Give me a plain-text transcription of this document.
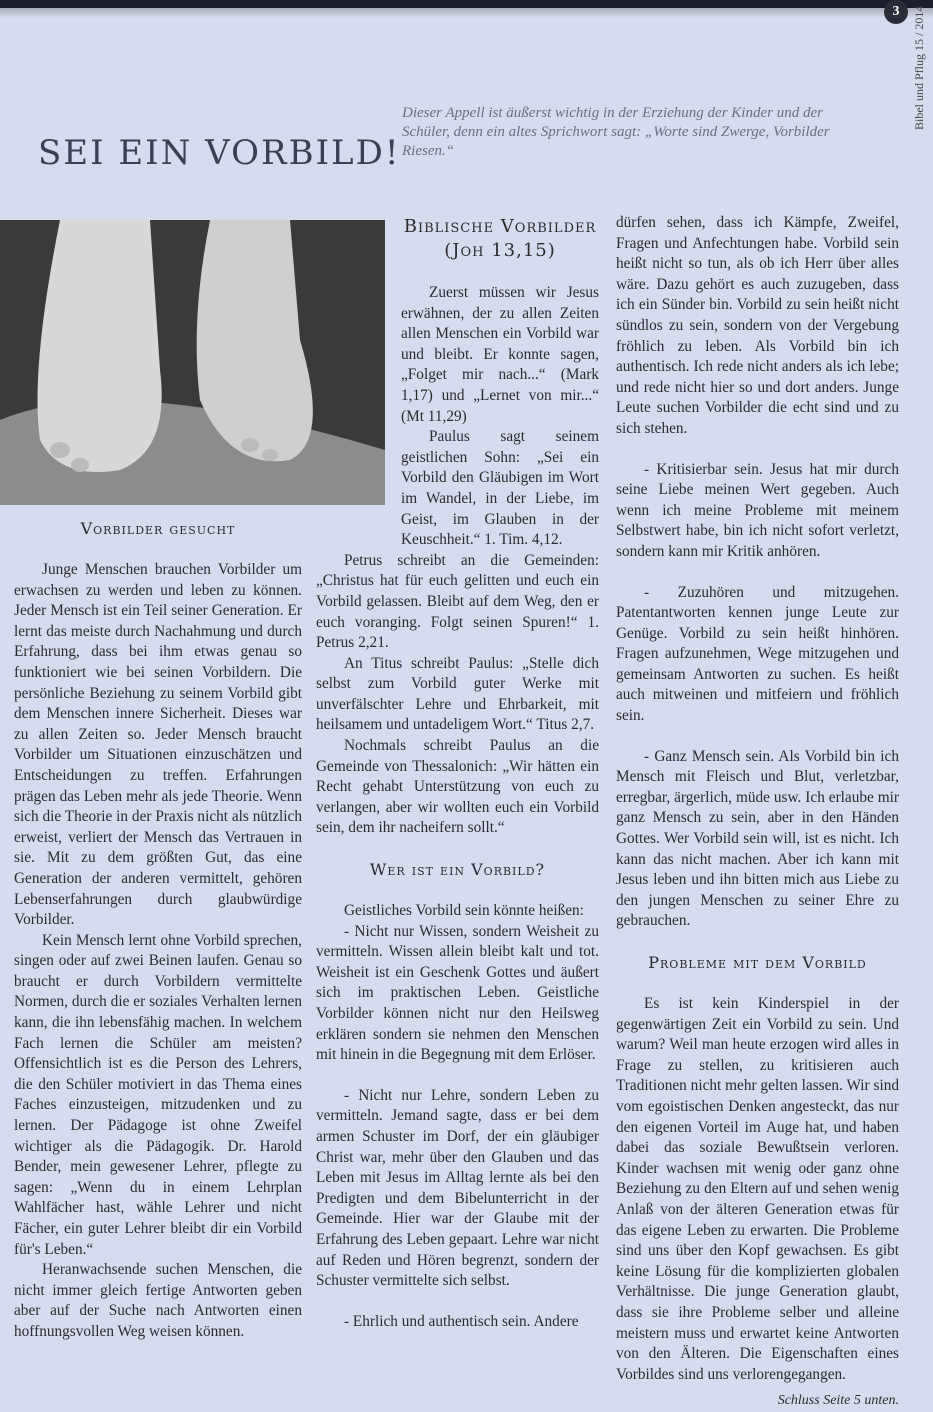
3	Bibel und Pflug 15 / 2014
SEI EIN VORBILD!
Dieser Appell ist äußerst wichtig in der Erziehung der Kinder und der Schüler, denn ein altes Sprichwort sagt: „Worte sind Zwerge, Vorbilder Riesen.“
Vorbilder gesucht

Junge Menschen brauchen Vorbilder um erwachsen zu werden und leben zu können. Jeder Mensch ist ein Teil seiner Generation. Er lernt das meiste durch Nachahmung und durch Erfahrung, dass bei ihm etwas genau so funktioniert wie bei seinen Vorbildern. Die persönliche Beziehung zu seinem Vorbild gibt dem Menschen innere Sicherheit. Dieses war zu allen Zeiten so. Jeder Mensch braucht Vorbilder um Situationen einzuschätzen und Entscheidungen zu treffen. Erfahrungen prägen das Leben mehr als jede Theorie. Wenn sich die Theorie in der Praxis nicht als nützlich erweist, verliert der Mensch das Vertrauen in sie. Mit zu dem größten Gut, das eine Generation der anderen vermittelt, gehören Lebenserfahrungen durch glaubwürdige Vorbilder.

Kein Mensch lernt ohne Vorbild sprechen, singen oder auf zwei Beinen laufen. Genau so braucht er durch Vorbildern vermittelte Normen, durch die er soziales Verhalten lernen kann, die ihn lebensfähig machen. In welchem Fach lernen die Schüler am meisten? Offensichtlich ist es die Person des Lehrers, die den Schüler motiviert in das Thema eines Faches einzusteigen, mitzudenken und zu lernen. Der Pädagoge ist ohne Zweifel wichtiger als die Pädagogik. Dr. Harold Bender, mein gewesener Lehrer, pflegte zu sagen: „Wenn du in einem Lehrplan Wahlfächer hast, wähle Lehrer und nicht Fächer, ein guter Lehrer bleibt dir ein Vorbild für's Leben.“

Heranwachsende suchen Menschen, die nicht immer gleich fertige Antworten geben aber auf der Suche nach Antworten einen hoffnungsvollen Weg weisen können.

Biblische Vorbilder (Joh 13,15)

Zuerst müssen wir Jesus erwähnen, der zu allen Zeiten allen Menschen ein Vorbild war und bleibt. Er konnte sagen, „Folget mir nach...“ (Mark 1,17) und „Lernet von mir...“ (Mt 11,29)

Paulus sagt seinem geistlichen Sohn: „Sei ein Vorbild den Gläubigen im Wort im Wandel, in der Liebe, im Geist, im Glauben in der Keuschheit.“ 1. Tim. 4,12.

Petrus schreibt an die Gemeinden: „Christus hat für euch gelitten und euch ein Vorbild gelassen. Bleibt auf dem Weg, den er euch voranging. Folgt seinen Spuren!“ 1. Petrus 2,21.

An Titus schreibt Paulus: „Stelle dich selbst zum Vorbild guter Werke mit unverfälschter Lehre und Ehrbarkeit, mit heilsamem und untadeligem Wort.“ Titus 2,7.

Nochmals schreibt Paulus an die Gemeinde von Thessalonich: „Wir hätten ein Recht gehabt Unterstützung von euch zu verlangen, aber wir wollten euch ein Vorbild sein, dem ihr nacheifern sollt.“

Wer ist ein Vorbild?

Geistliches Vorbild sein könnte heißen:

- Nicht nur Wissen, sondern Weisheit zu vermitteln. Wissen allein bleibt kalt und tot. Weisheit ist ein Geschenk Gottes und äußert sich im praktischen Leben. Geistliche Vorbilder können nicht nur den Heilsweg erklären sondern sie nehmen den Menschen mit hinein in die Begegnung mit dem Erlöser.

- Nicht nur Lehre, sondern Leben zu vermitteln. Jemand sagte, dass er bei dem armen Schuster im Dorf, der ein gläubiger Christ war, mehr über den Glauben und das Leben mit Jesus im Alltag lernte als bei den Predigten und dem Bibelunterricht in der Gemeinde. Hier war der Glaube mit der Erfahrung des Leben gepaart. Lehre war nicht auf Reden und Hören begrenzt, sondern der Schuster vermittelte sich selbst.

- Ehrlich und authentisch sein. Andere

dürfen sehen, dass ich Kämpfe, Zweifel, Fragen und Anfechtungen habe. Vorbild sein heißt nicht so tun, als ob ich Herr über alles wäre. Dazu gehört es auch zuzugeben, dass ich ein Sünder bin. Vorbild zu sein heißt nicht sündlos zu sein, sondern von der Vergebung fröhlich zu leben. Als Vorbild bin ich authentisch. Ich rede nicht anders als ich lebe; und rede nicht hier so und dort anders. Junge Leute suchen Vorbilder die echt sind und zu sich stehen.

- Kritisierbar sein. Jesus hat mir durch seine Liebe meinen Wert gegeben. Auch wenn ich meine Probleme mit meinem Selbstwert habe, bin ich nicht sofort verletzt, sondern kann mir Kritik anhören.

- Zuzuhören und mitzugehen. Patentantworten kennen junge Leute zur Genüge. Vorbild zu sein heißt hinhören. Fragen aufzunehmen, Wege mitzugehen und gemeinsam Antworten zu suchen. Es heißt auch mitweinen und mitfeiern und fröhlich sein.

- Ganz Mensch sein. Als Vorbild bin ich Mensch mit Fleisch und Blut, verletzbar, erregbar, ärgerlich, müde usw. Ich erlaube mir ganz Mensch zu sein, aber in den Händen Gottes. Wer Vorbild sein will, ist es nicht. Ich kann das nicht machen. Aber ich kann mit Jesus leben und ihn bitten mich aus Liebe zu den jungen Menschen zu seiner Ehre zu gebrauchen.

Probleme mit dem Vorbild

Es ist kein Kinderspiel in der gegenwärtigen Zeit ein Vorbild zu sein. Und warum? Weil man heute erzogen wird alles in Frage zu stellen, zu kritisieren auch Traditionen nicht mehr gelten lassen. Wir sind vom egoistischen Denken angesteckt, das nur den eigenen Vorteil im Auge hat, und haben dabei das soziale Bewußtsein verloren. Kinder wachsen mit wenig oder ganz ohne Beziehung zu den Eltern auf und sehen wenig Anlaß von der älteren Generation etwas für das eigene Leben zu erwarten. Die Probleme sind uns über den Kopf gewachsen. Es gibt keine Lösung für die komplizierten globalen Verhältnisse. Die junge Generation glaubt, dass sie ihre Probleme selber und alleine meistern muss und erwartet keine Antworten von den Älteren. Die Eigenschaften eines Vorbildes sind uns verlorengegangen.

Schluss Seite 5 unten.
